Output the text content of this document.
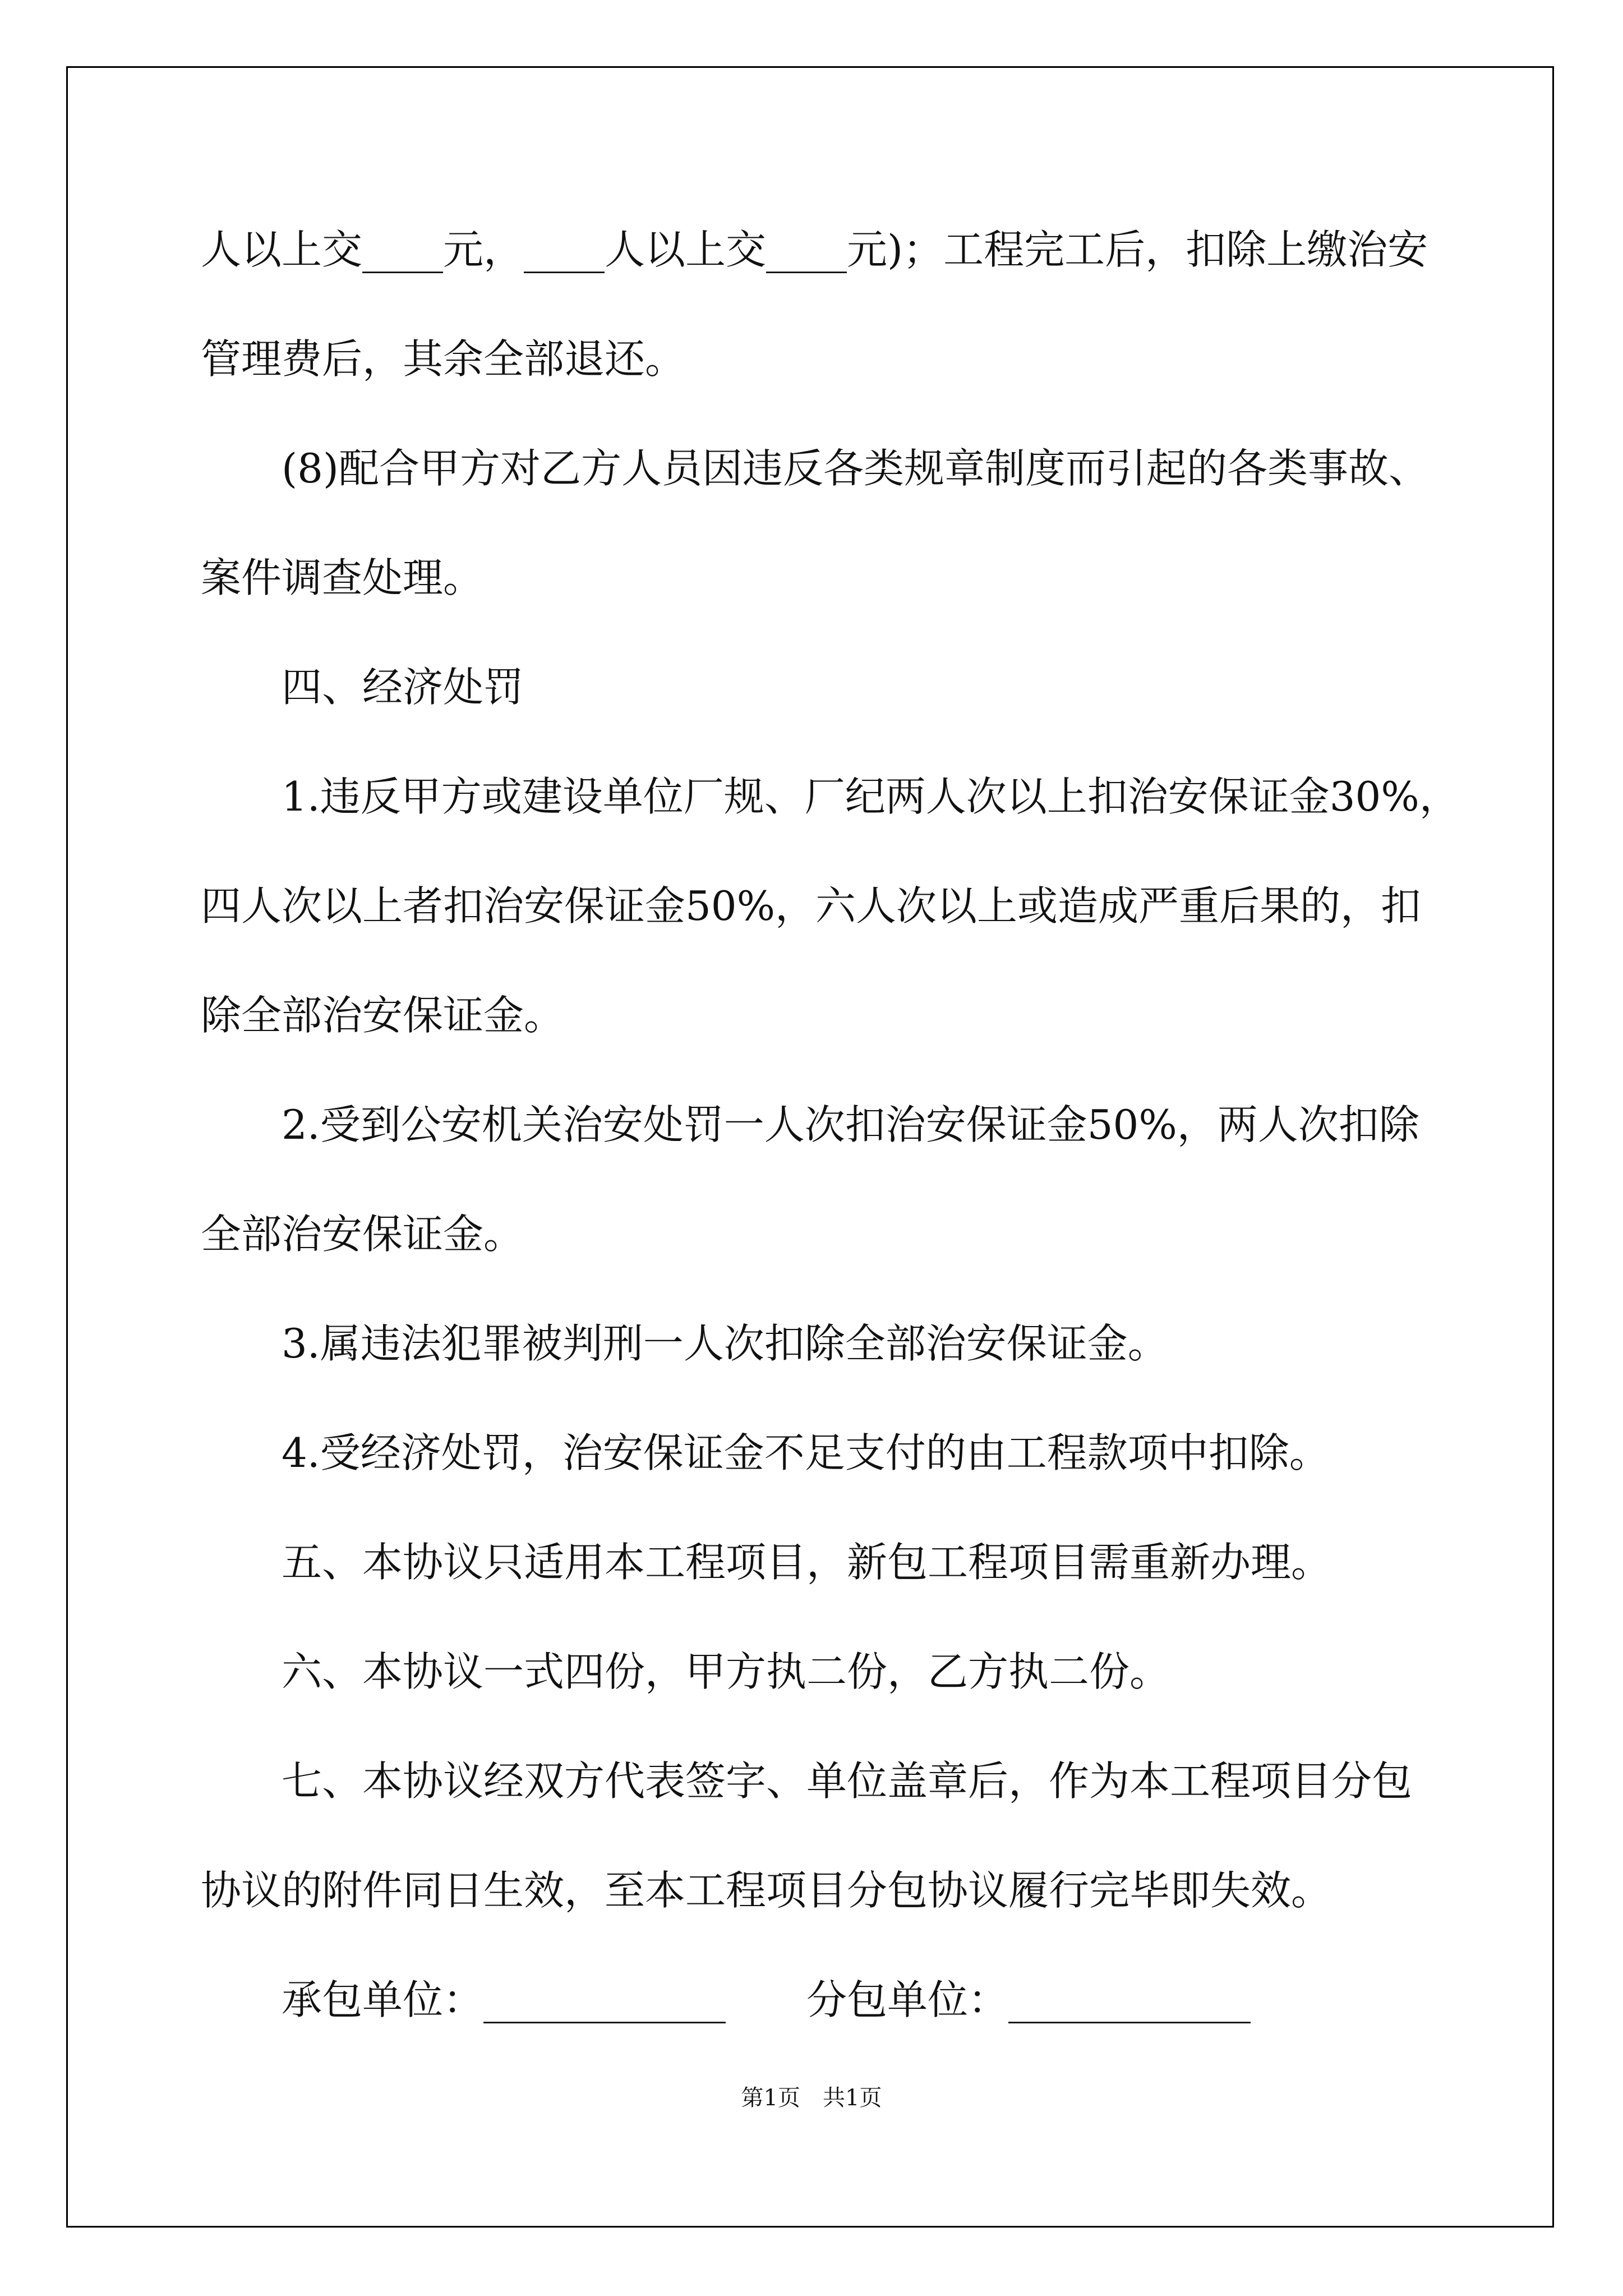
人以上交____元，____人以上交____元)；工程完工后，扣除上缴治安

管理费后，其余全部退还。

　　(8)配合甲方对乙方人员因违反各类规章制度而引起的各类事故、

案件调查处理。

　　四、经济处罚

　　1.违反甲方或建设单位厂规、厂纪两人次以上扣治安保证金30%，

四人次以上者扣治安保证金50%，六人次以上或造成严重后果的，扣

除全部治安保证金。

　　2.受到公安机关治安处罚一人次扣治安保证金50%，两人次扣除

全部治安保证金。

　　3.属违法犯罪被判刑一人次扣除全部治安保证金。

　　4.受经济处罚，治安保证金不足支付的由工程款项中扣除。

　　五、本协议只适用本工程项目，新包工程项目需重新办理。

　　六、本协议一式四份，甲方执二份，乙方执二份。

　　七、本协议经双方代表签字、单位盖章后，作为本工程项目分包

协议的附件同日生效，至本工程项目分包协议履行完毕即失效。

　　承包单位：____________　　分包单位：____________

第1页　共1页
